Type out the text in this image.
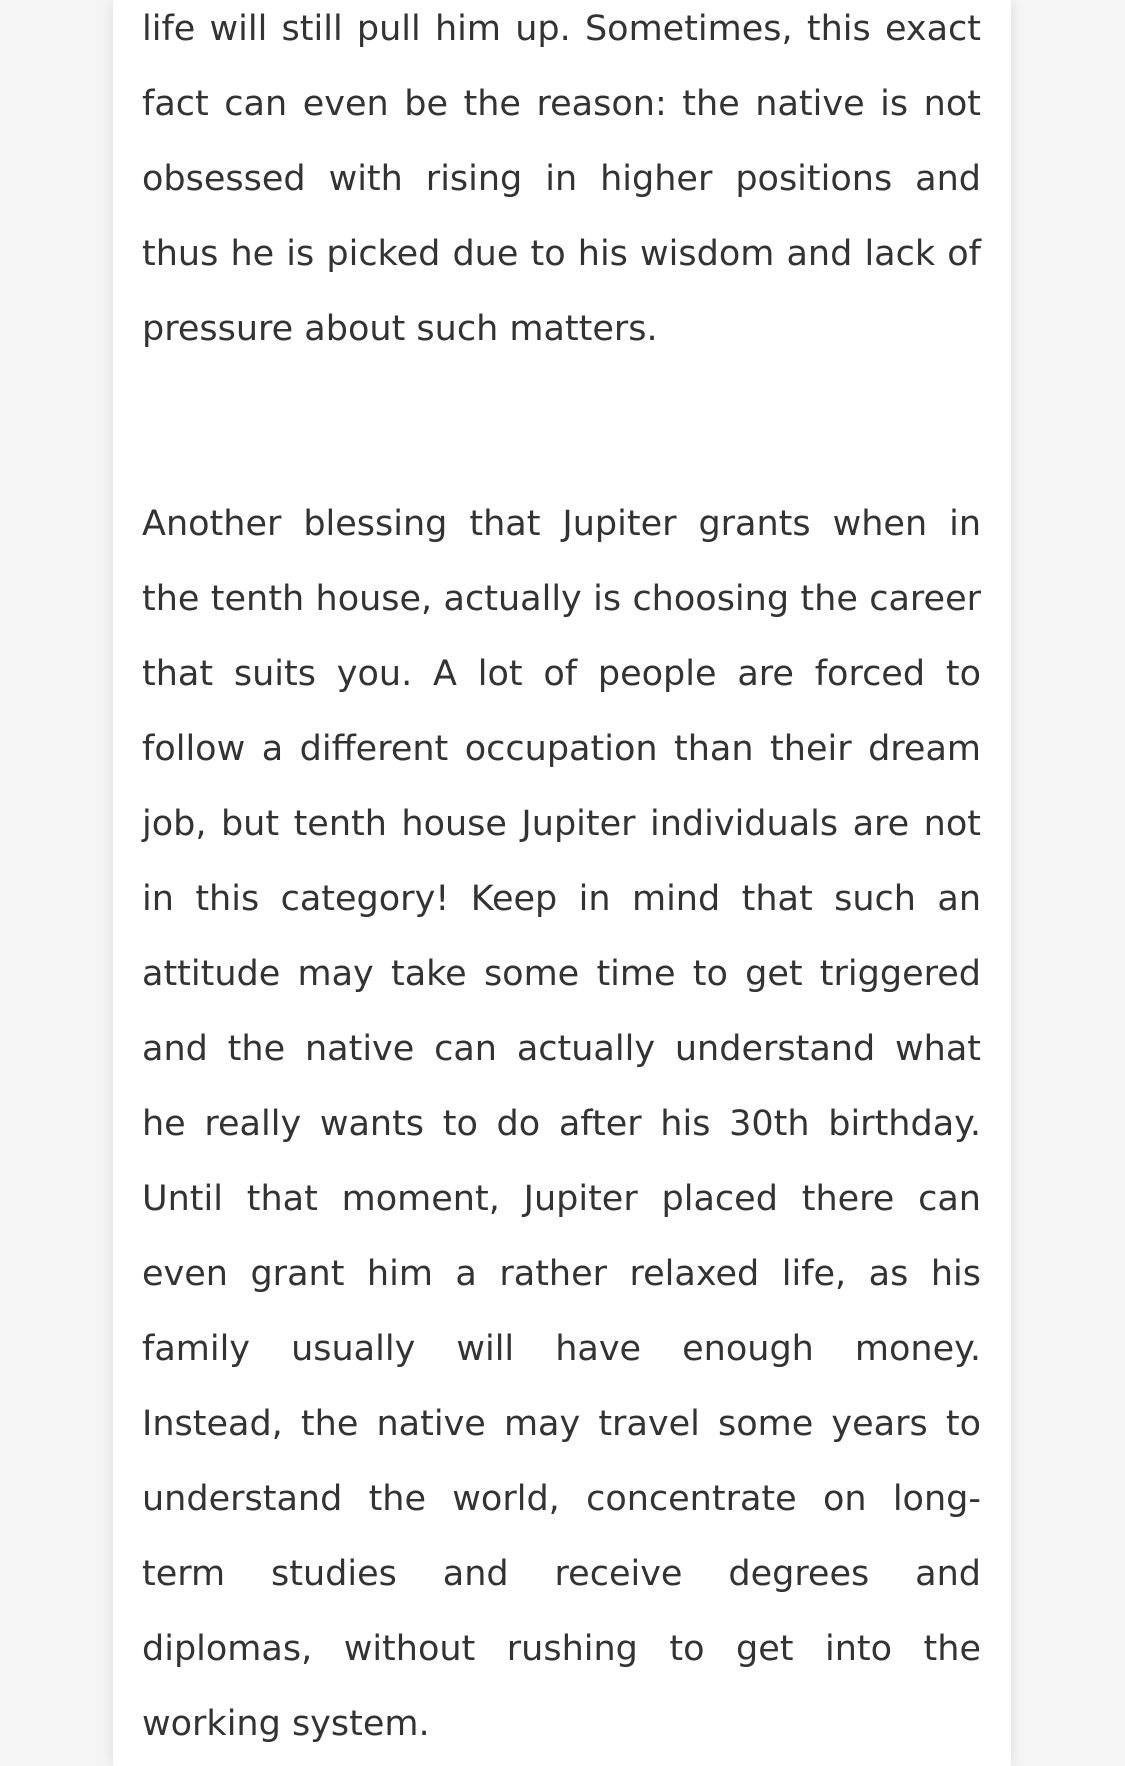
life will still pull him up. Sometimes, this exact fact can even be the reason: the native is not obsessed with rising in higher positions and thus he is picked due to his wisdom and lack of pressure about such matters.

Another blessing that Jupiter grants when in the tenth house, actually is choosing the career that suits you. A lot of people are forced to follow a different occupation than their dream job, but tenth house Jupiter individuals are not in this category! Keep in mind that such an attitude may take some time to get triggered and the native can actually understand what he really wants to do after his 30th birthday. Until that moment, Jupiter placed there can even grant him a rather relaxed life, as his family usually will have enough money. Instead, the native may travel some years to understand the world, concentrate on long-term studies and receive degrees and diplomas, without rushing to get into the working system.
